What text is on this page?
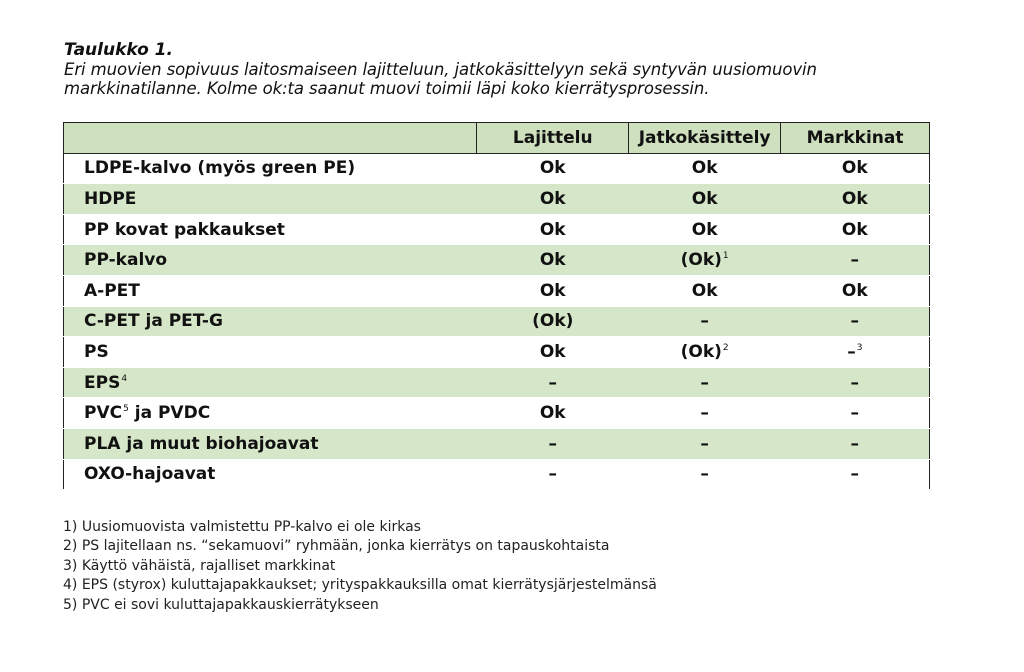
Taulukko 1.
Eri muovien sopivuus laitosmaiseen lajitteluun, jatkokäsittelyyn sekä syntyvän uusiomuovin
markkinatilanne. Kolme ok:ta saanut muovi toimii läpi koko kierrätysprosessin.
	Lajittelu	Jatkokäsittely	Markkinat
LDPE-kalvo (myös green PE)	Ok	Ok	Ok
HDPE	Ok	Ok	Ok
PP kovat pakkaukset	Ok	Ok	Ok
PP-kalvo	Ok	(Ok)$^1$	–
A-PET	Ok	Ok	Ok
C-PET ja PET-G	(Ok)	–	–
PS	Ok	(Ok)$^2$	–$^3$
EPS$^4$	–	–	–
PVC$^5$ ja PVDC	Ok	–	–
PLA ja muut biohajoavat	–	–	–
OXO-hajoavat	–	–	–
1) Uusiomuovista valmistettu PP-kalvo ei ole kirkas
2) PS lajitellaan ns. “sekamuovi” ryhmään, jonka kierrätys on tapauskohtaista
3) Käyttö vähäistä, rajalliset markkinat
4) EPS (styrox) kuluttajapakkaukset; yrityspakkauksilla omat kierrätysjärjestelmänsä
5) PVC ei sovi kuluttajapakkauskierrätykseen
